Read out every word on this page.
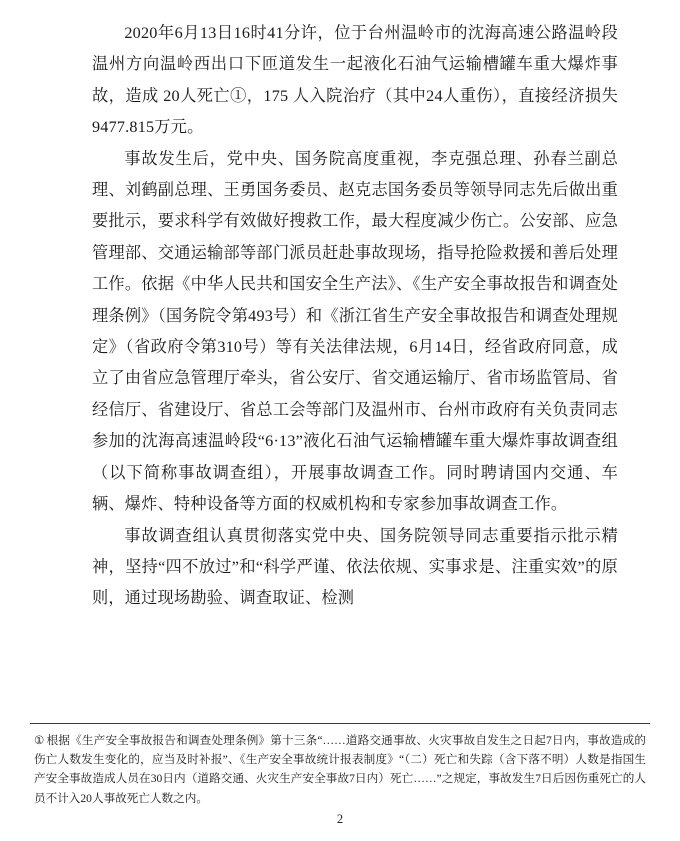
2020年6月13日16时41分许，位于台州温岭市的沈海高速公路温岭段温州方向温岭西出口下匝道发生一起液化石油气运输槽罐车重大爆炸事故，造成 20人死亡①，175 人入院治疗（其中24人重伤），直接经济损失9477.815万元。

事故发生后，党中央、国务院高度重视，李克强总理、孙春兰副总理、刘鹤副总理、王勇国务委员、赵克志国务委员等领导同志先后做出重要批示，要求科学有效做好搜救工作，最大程度减少伤亡。公安部、应急管理部、交通运输部等部门派员赶赴事故现场，指导抢险救援和善后处理工作。依据《中华人民共和国安全生产法》、《生产安全事故报告和调查处理条例》（国务院令第493号）和《浙江省生产安全事故报告和调查处理规定》（省政府令第310号）等有关法律法规，6月14日，经省政府同意，成立了由省应急管理厅牵头，省公安厅、省交通运输厅、省市场监管局、省经信厅、省建设厅、省总工会等部门及温州市、台州市政府有关负责同志参加的沈海高速温岭段“6·13”液化石油气运输槽罐车重大爆炸事故调查组（以下简称事故调查组），开展事故调查工作。同时聘请国内交通、车辆、爆炸、特种设备等方面的权威机构和专家参加事故调查工作。

事故调查组认真贯彻落实党中央、国务院领导同志重要指示批示精神，坚持“四不放过”和“科学严谨、依法依规、实事求是、注重实效”的原则，通过现场勘验、调查取证、检测

① 根据《生产安全事故报告和调查处理条例》第十三条“……道路交通事故、火灾事故自发生之日起7日内，事故造成的伤亡人数发生变化的，应当及时补报”、《生产安全事故统计报表制度》“（二）死亡和失踪（含下落不明）人数是指国生产安全事故造成人员在30日内（道路交通、火灾生产安全事故7日内）死亡……”之规定，事故发生7日后因伤重死亡的人员不计入20人事故死亡人数之内。
2
